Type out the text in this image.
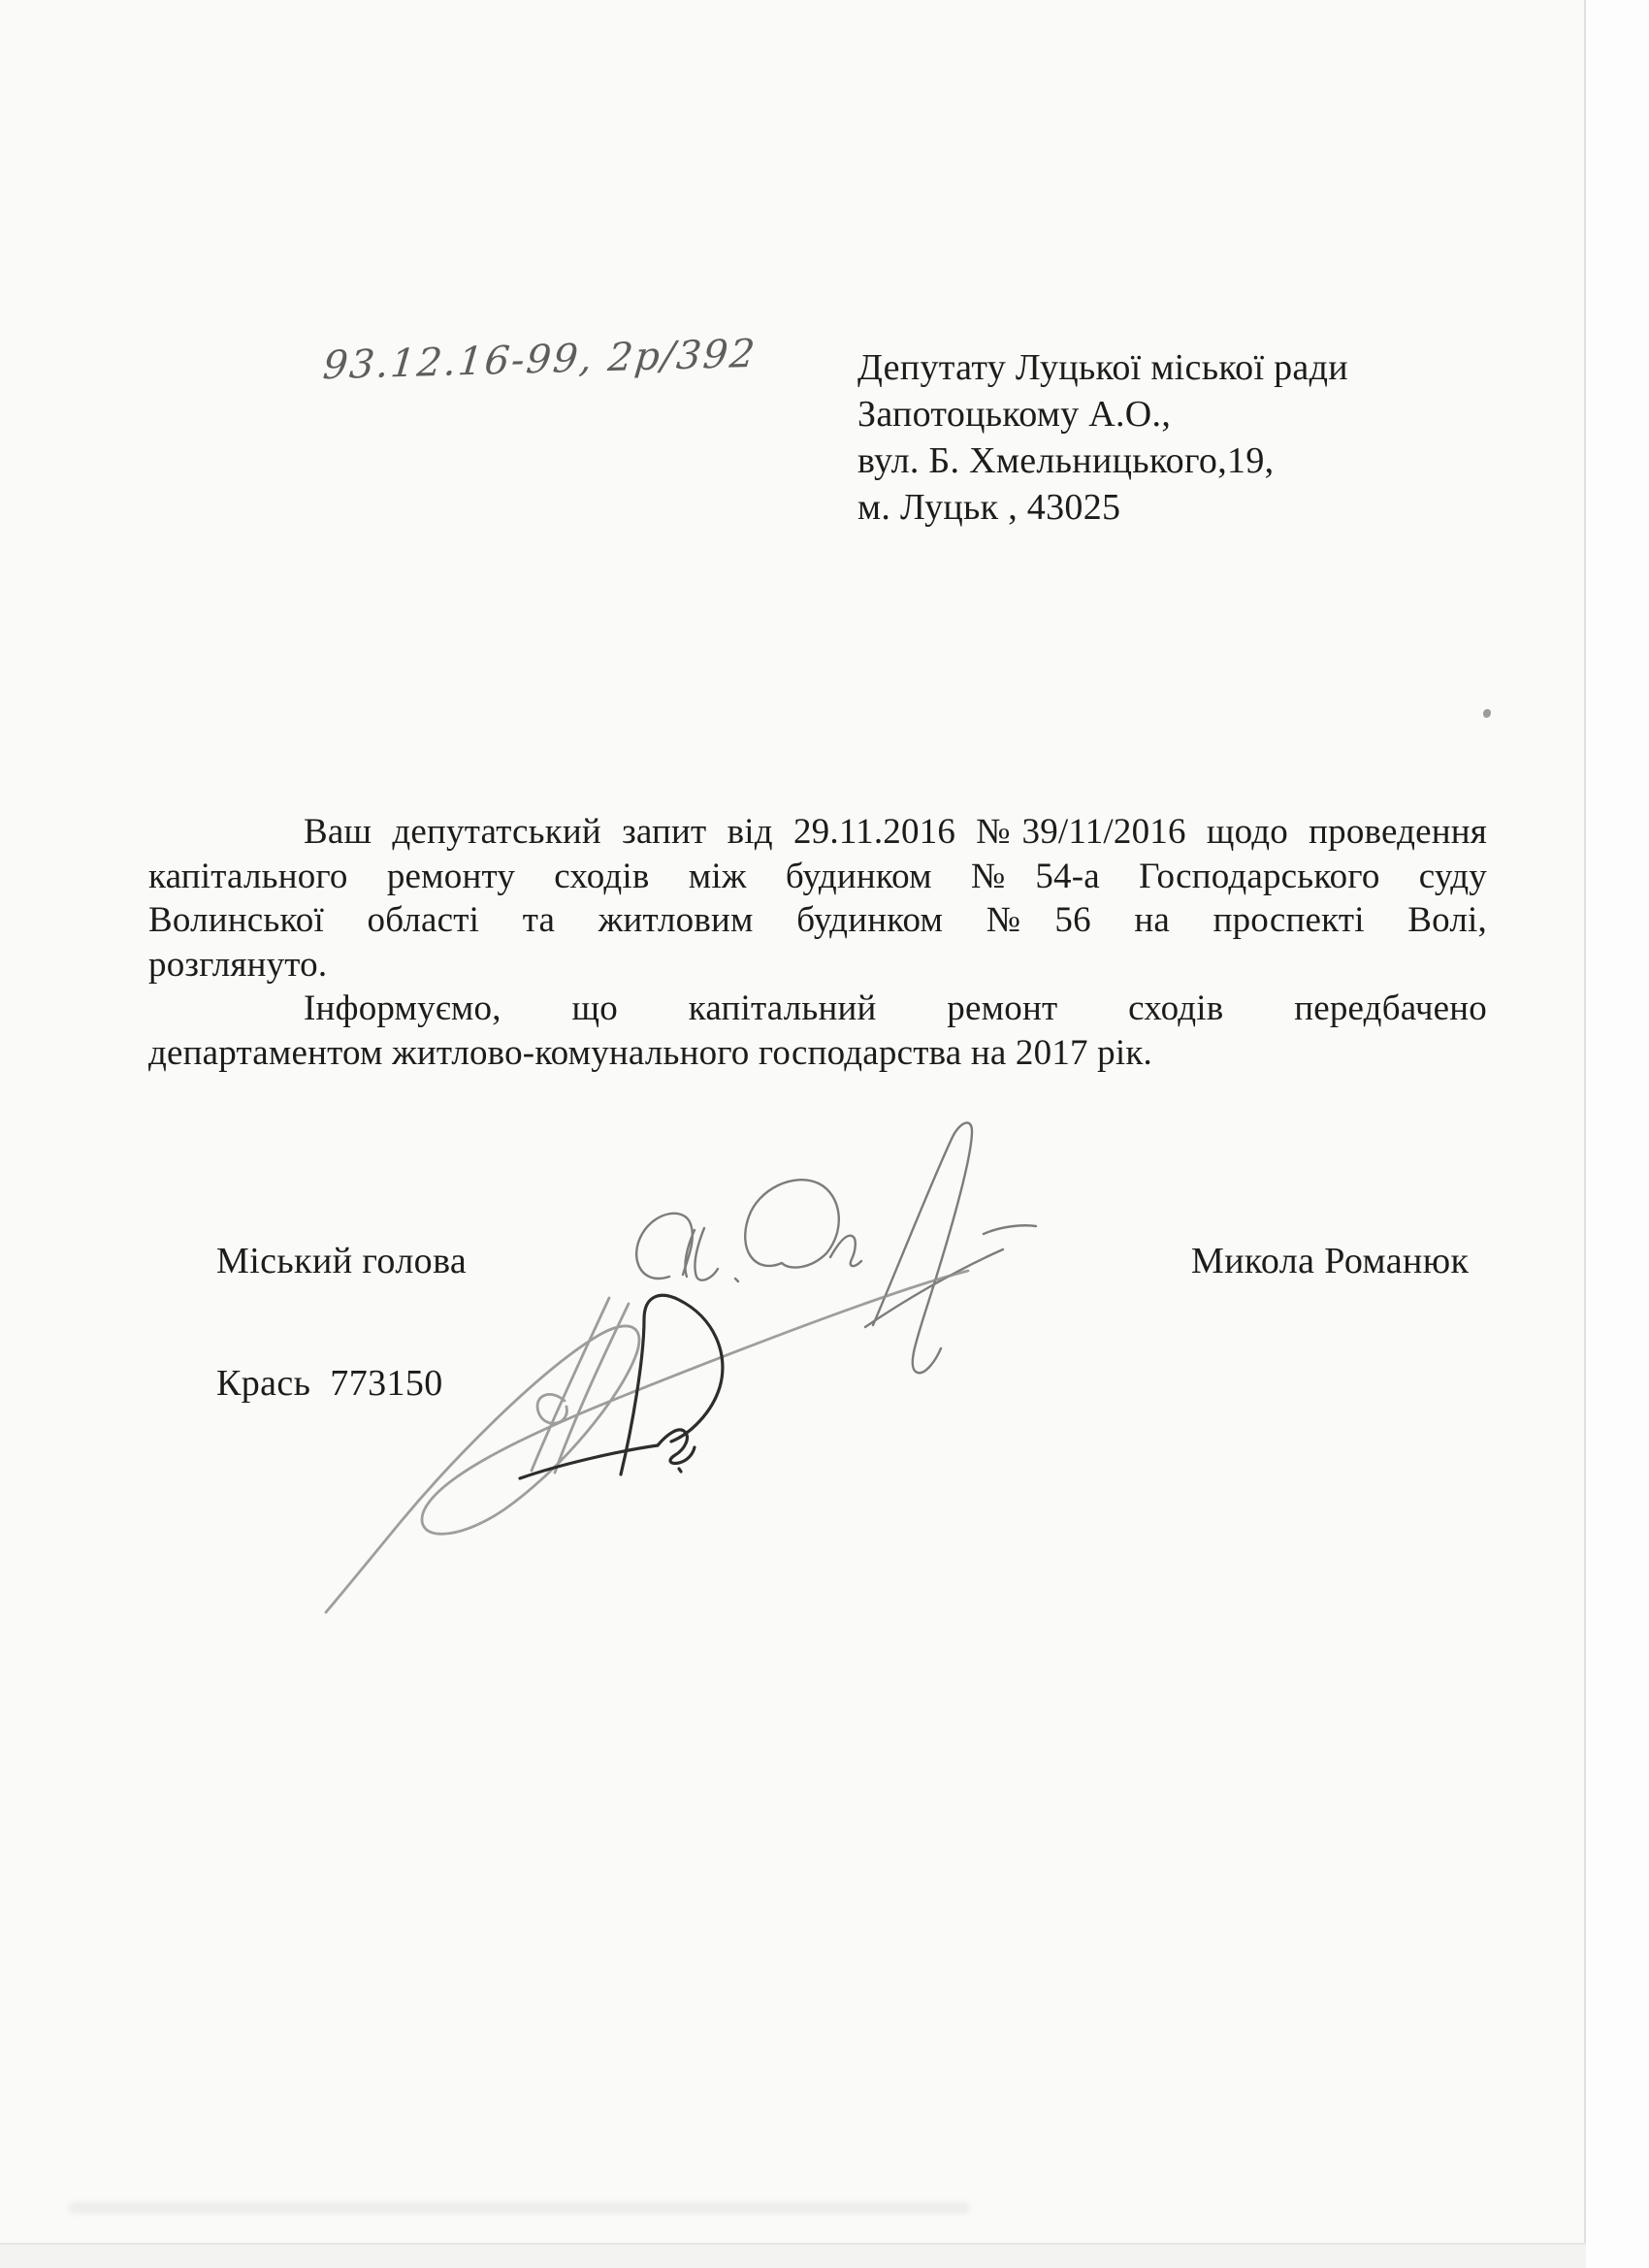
93.12.16-99, 2р/392	Депутату Луцької міської ради
Запотоцькому А.О.,
вул. Б. Хмельницького,19,
м. Луцьк , 43025
Ваш депутатський запит від 29.11.2016 №39/11/2016 щодо проведення
капітального ремонту сходів між будинком №54-а Господарського суду
Волинської області та житловим будинком №56 на проспекті Волі,
розглянуто.
Інформуємо, що капітальний ремонт сходів передбачено
департаментом житлово-комунального господарства на 2017 рік.
Міський голова	Микола Романюк
Крась 773150
